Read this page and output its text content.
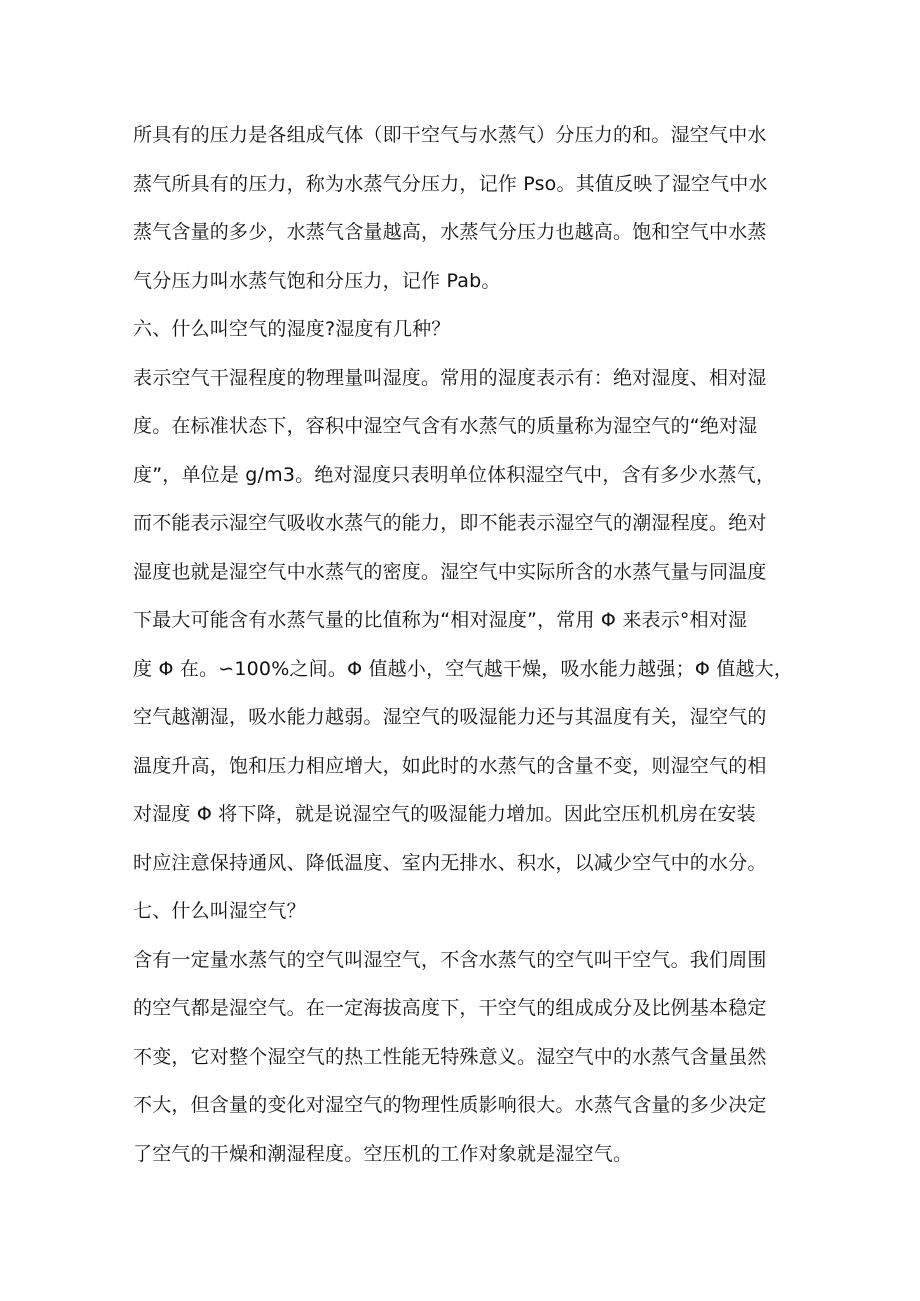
所具有的压力是各组成气体（即干空气与水蒸气）分压力的和。湿空气中水
蒸气所具有的压力，称为水蒸气分压力，记作 Pso。其值反映了湿空气中水
蒸气含量的多少，水蒸气含量越高，水蒸气分压力也越高。饱和空气中水蒸
气分压力叫水蒸气饱和分压力，记作 Pab。
六、什么叫空气的湿度?湿度有几种？
表示空气干湿程度的物理量叫湿度。常用的湿度表示有：绝对湿度、相对湿
度。在标准状态下，容积中湿空气含有水蒸气的质量称为湿空气的“绝对湿
度”，单位是 g/m3。绝对湿度只表明单位体积湿空气中，含有多少水蒸气，
而不能表示湿空气吸收水蒸气的能力，即不能表示湿空气的潮湿程度。绝对
湿度也就是湿空气中水蒸气的密度。湿空气中实际所含的水蒸气量与同温度
下最大可能含有水蒸气量的比值称为“相对湿度”，常用 Φ 来表示°相对湿
度 Φ 在。∽100%之间。Φ 值越小，空气越干燥，吸水能力越强；Φ 值越大，
空气越潮湿，吸水能力越弱。湿空气的吸湿能力还与其温度有关，湿空气的
温度升高，饱和压力相应增大，如此时的水蒸气的含量不变，则湿空气的相
对湿度 Φ 将下降，就是说湿空气的吸湿能力增加。因此空压机机房在安装
时应注意保持通风、降低温度、室内无排水、积水，以减少空气中的水分。
七、什么叫湿空气？
含有一定量水蒸气的空气叫湿空气，不含水蒸气的空气叫干空气。我们周围
的空气都是湿空气。在一定海拔高度下，干空气的组成成分及比例基本稳定
不变，它对整个湿空气的热工性能无特殊意义。湿空气中的水蒸气含量虽然
不大，但含量的变化对湿空气的物理性质影响很大。水蒸气含量的多少决定
了空气的干燥和潮湿程度。空压机的工作对象就是湿空气。
